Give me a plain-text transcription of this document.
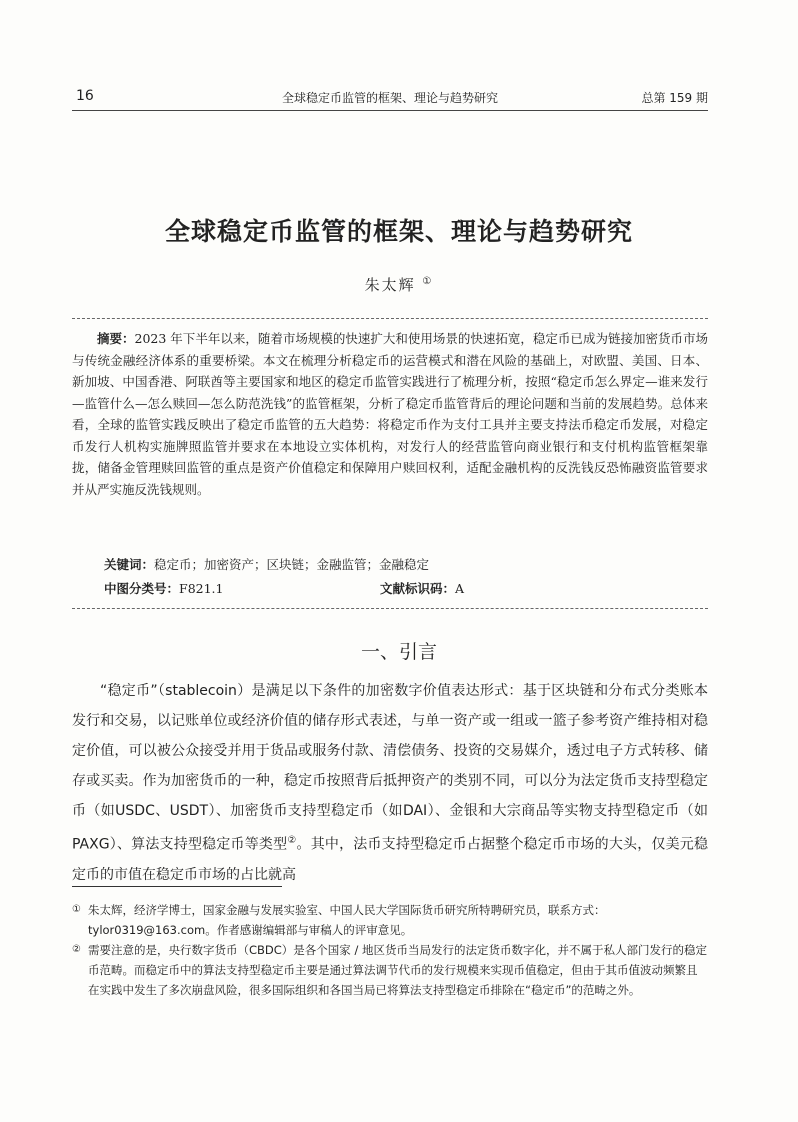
16	全球稳定币监管的框架、理论与趋势研究	总第 159 期
全球稳定币监管的框架、理论与趋势研究
朱太辉 ①
摘要：2023 年下半年以来，随着市场规模的快速扩大和使用场景的快速拓宽，稳定币已成为链接加密货币市场与传统金融经济体系的重要桥梁。本文在梳理分析稳定币的运营模式和潜在风险的基础上，对欧盟、美国、日本、新加坡、中国香港、阿联酋等主要国家和地区的稳定币监管实践进行了梳理分析，按照“稳定币怎么界定—谁来发行—监管什么—怎么赎回—怎么防范洗钱”的监管框架，分析了稳定币监管背后的理论问题和当前的发展趋势。总体来看，全球的监管实践反映出了稳定币监管的五大趋势：将稳定币作为支付工具并主要支持法币稳定币发展，对稳定币发行人机构实施牌照监管并要求在本地设立实体机构，对发行人的经营监管向商业银行和支付机构监管框架靠拢，储备金管理赎回监管的重点是资产价值稳定和保障用户赎回权利，适配金融机构的反洗钱反恐怖融资监管要求并从严实施反洗钱规则。
关键词：稳定币；加密资产；区块链；金融监管；金融稳定
中图分类号：F821.1	文献标识码：A
一、引言
“稳定币”（stablecoin）是满足以下条件的加密数字价值表达形式：基于区块链和分布式分类账本发行和交易，以记账单位或经济价值的储存形式表述，与单一资产或一组或一篮子参考资产维持相对稳定价值，可以被公众接受并用于货品或服务付款、清偿债务、投资的交易媒介，透过电子方式转移、储存或买卖。作为加密货币的一种，稳定币按照背后抵押资产的类别不同，可以分为法定货币支持型稳定币（如USDC、USDT）、加密货币支持型稳定币（如DAI）、金银和大宗商品等实物支持型稳定币（如PAXG）、算法支持型稳定币等类型②。其中，法币支持型稳定币占据整个稳定币市场的大头，仅美元稳定币的市值在稳定币市场的占比就高
① 朱太辉，经济学博士，国家金融与发展实验室、中国人民大学国际货币研究所特聘研究员，联系方式：tylor0319@163.com。作者感谢编辑部与审稿人的评审意见。
② 需要注意的是，央行数字货币（CBDC）是各个国家 / 地区货币当局发行的法定货币数字化，并不属于私人部门发行的稳定币范畴。而稳定币中的算法支持型稳定币主要是通过算法调节代币的发行规模来实现币值稳定，但由于其币值波动频繁且在实践中发生了多次崩盘风险，很多国际组织和各国当局已将算法支持型稳定币排除在“稳定币”的范畴之外。
